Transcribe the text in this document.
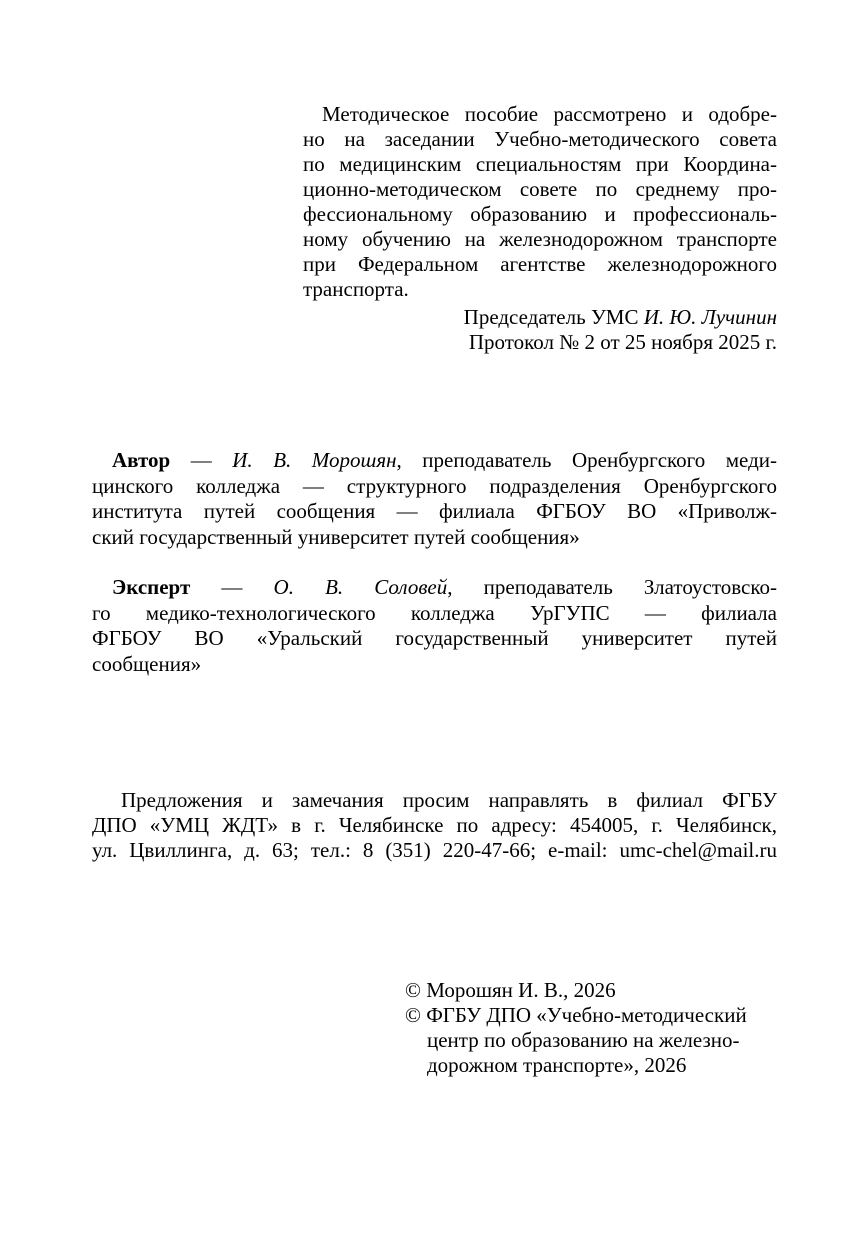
Методическое пособие рассмотрено и одобре-
но на заседании Учебно-методического совета
по медицинским специальностям при Координа-
ционно-методическом совете по среднему про-
фессиональному образованию и профессиональ-
ному обучению на железнодорожном транспорте
при Федеральном агентстве железнодорожного
транспорта.
Председатель УМС И. Ю. Лучинин
Протокол № 2 от 25 ноября 2025 г.
Автор — И. В. Морошян, преподаватель Оренбургского меди-
цинского колледжа — структурного подразделения Оренбургского
института путей сообщения — филиала ФГБОУ ВО «Приволж-
ский государственный университет путей сообщения»
Эксперт — О. В. Соловей, преподаватель Златоустовско-
го медико-технологического колледжа УрГУПС — филиала
ФГБОУ ВО «Уральский государственный университет путей
сообщения»
Предложения и замечания просим направлять в филиал ФГБУ
ДПО «УМЦ ЖДТ» в г. Челябинске по адресу: 454005, г. Челябинск,
ул. Цвиллинга, д. 63; тел.: 8 (351) 220-47-66; e-mail: umc-chel@mail.ru
© Морошян И. В., 2026
© ФГБУ ДПО «Учебно-методический
центр по образованию на железно-
дорожном транспорте», 2026
